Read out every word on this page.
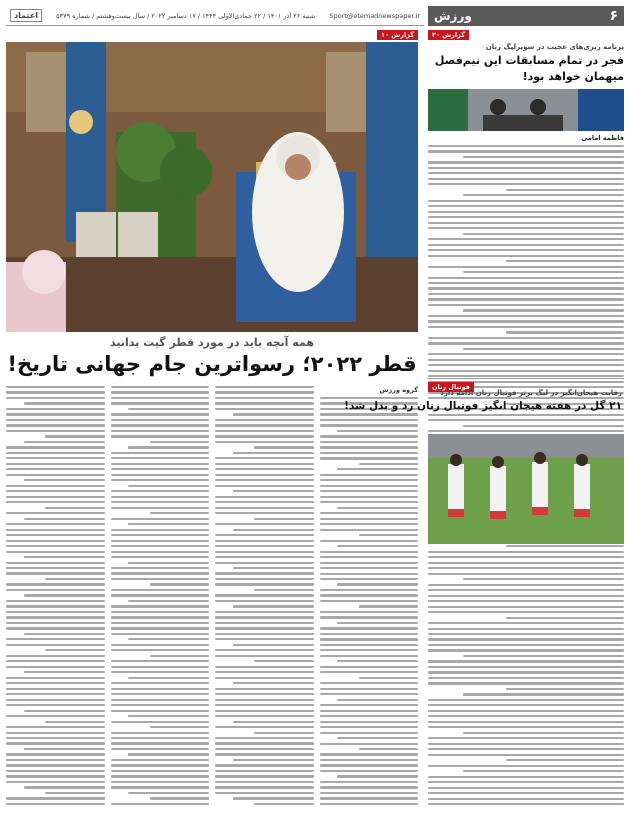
۶
ورزش
Sport@etemadnewspaper.ir
شنبه ۲۶ آذر ۱۴۰۱ / ۲۲ جمادی‌الاولی ۱۴۴۴ / ۱۷ دسامبر ۲۰۲۲ / سال بیست‌وهشتم / شماره ۵۳۷۹
اعتماد
گزارش ۱۰
همه آنچه باید در مورد قطر گیت بدانید
قطر ۲۰۲۲؛ رسواترین جام جهانی تاریخ!
گروه ورزش
گزارش ۲۰
برنامه ریزی‌های عجیب در سوپرلیگ زنان
فجر در تمام مسابقات این نیم‌فصل میهمان خواهد بود!
فاطمه امامی
فوتبال زنان
رقابت هیجان‌انگیز در لیگ برتر فوتبال زنان ادامه دارد
۲۱ گل در هفته هیجان انگیز فوتبال زنان رد و بدل شد!
